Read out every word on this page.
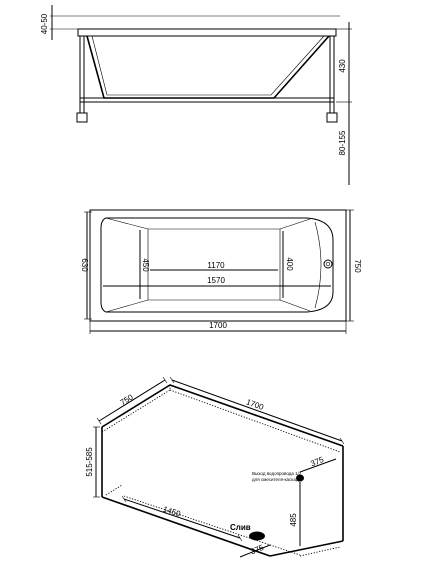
40-50
430
80-155
630	450	1170
1570
400	750
1700
750	1700
515-585
1450
Выход водопровода 1/2
для смесителя-каскада
375
485
Слив
375
